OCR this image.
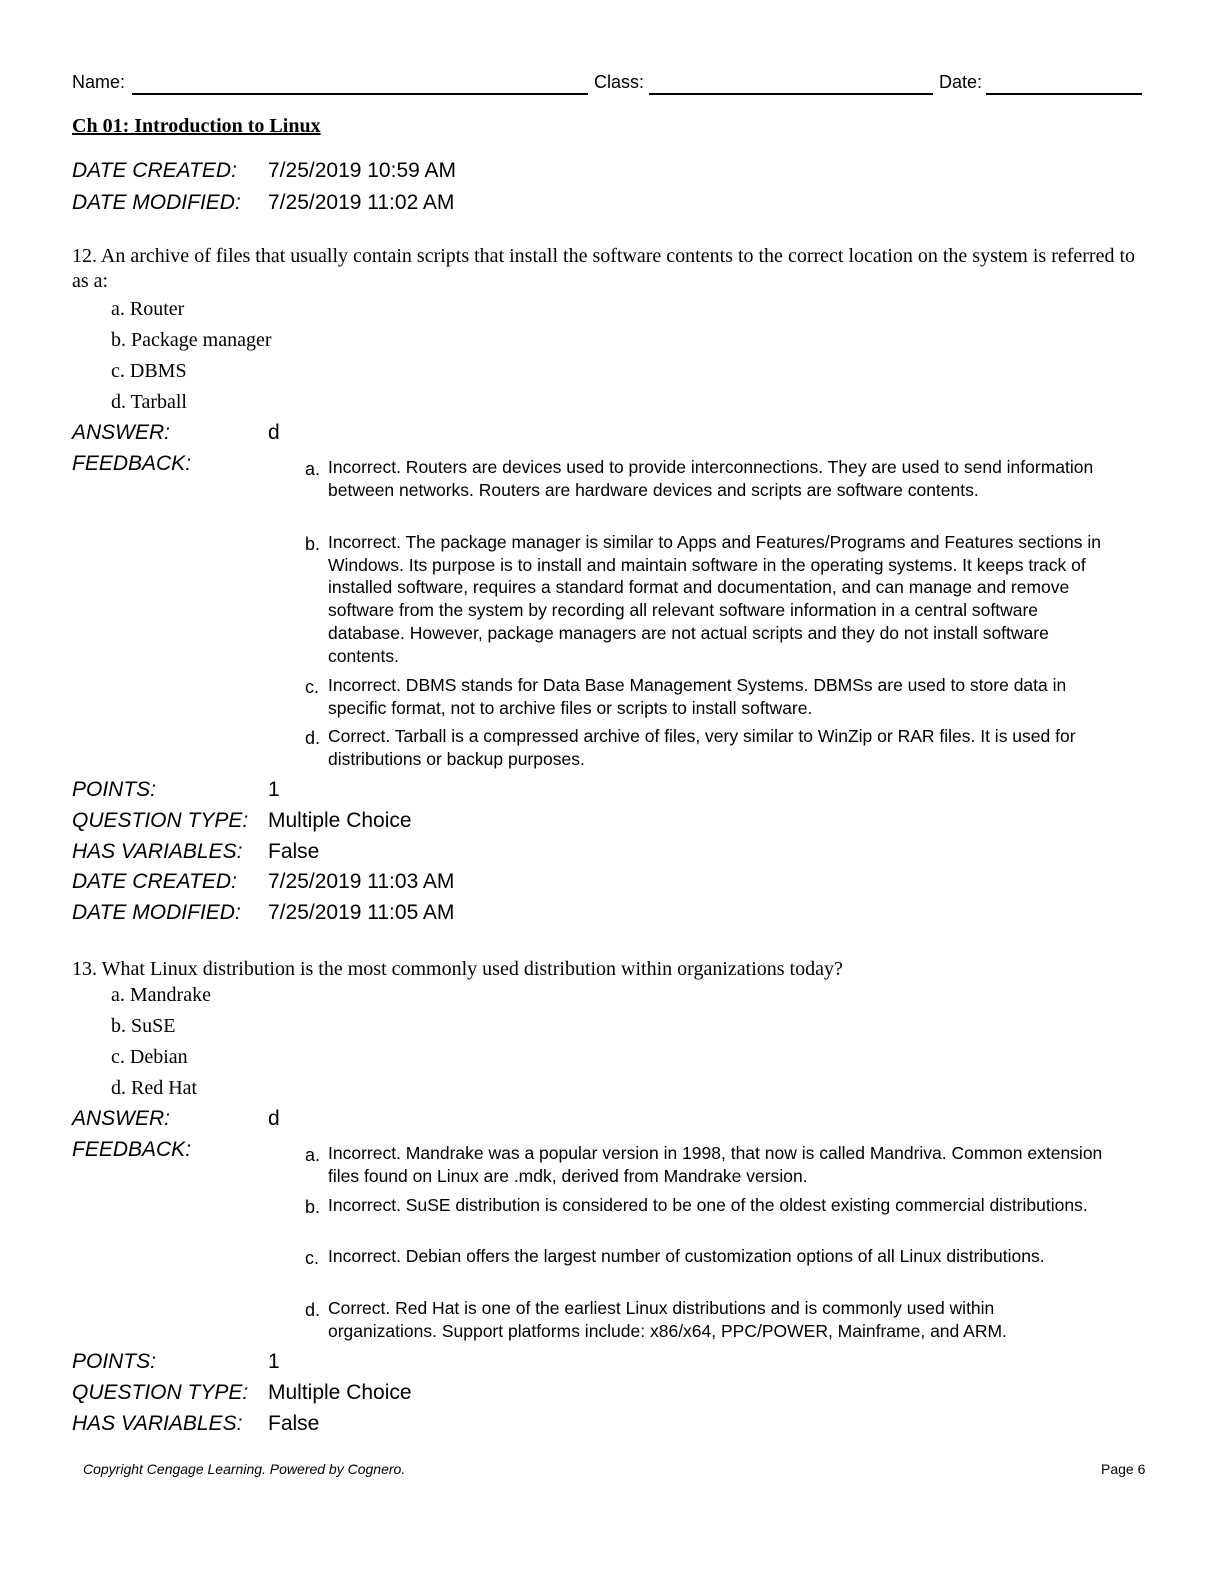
Name:	Class:	Date:
Ch 01: Introduction to Linux
DATE CREATED: 7/25/2019 10:59 AM
DATE MODIFIED: 7/25/2019 11:02 AM
12. An archive of files that usually contain scripts that install the software contents to the correct location on the system is referred to as a:
a. Router
b. Package manager
c. DBMS
d. Tarball
ANSWER:	d
FEEDBACK:	a. Incorrect. Routers are devices used to provide interconnections. They are used to send information between networks. Routers are hardware devices and scripts are software contents.
b. Incorrect. The package manager is similar to Apps and Features/Programs and Features sections in Windows. Its purpose is to install and maintain software in the operating systems. It keeps track of installed software, requires a standard format and documentation, and can manage and remove software from the system by recording all relevant software information in a central software database. However, package managers are not actual scripts and they do not install software contents.
c. Incorrect. DBMS stands for Data Base Management Systems. DBMSs are used to store data in specific format, not to archive files or scripts to install software.
d. Correct. Tarball is a compressed archive of files, very similar to WinZip or RAR files. It is used for distributions or backup purposes.
POINTS:	1
QUESTION TYPE: Multiple Choice
HAS VARIABLES: False
DATE CREATED: 7/25/2019 11:03 AM
DATE MODIFIED: 7/25/2019 11:05 AM
13. What Linux distribution is the most commonly used distribution within organizations today?
a. Mandrake
b. SuSE
c. Debian
d. Red Hat
ANSWER:	d
FEEDBACK:	a. Incorrect. Mandrake was a popular version in 1998, that now is called Mandriva. Common extension files found on Linux are .mdk, derived from Mandrake version.
b. Incorrect. SuSE distribution is considered to be one of the oldest existing commercial distributions.
c. Incorrect. Debian offers the largest number of customization options of all Linux distributions.
d. Correct. Red Hat is one of the earliest Linux distributions and is commonly used within organizations. Support platforms include: x86/x64, PPC/POWER, Mainframe, and ARM.
POINTS:	1
QUESTION TYPE: Multiple Choice
HAS VARIABLES: False
Copyright Cengage Learning. Powered by Cognero.	Page 6
